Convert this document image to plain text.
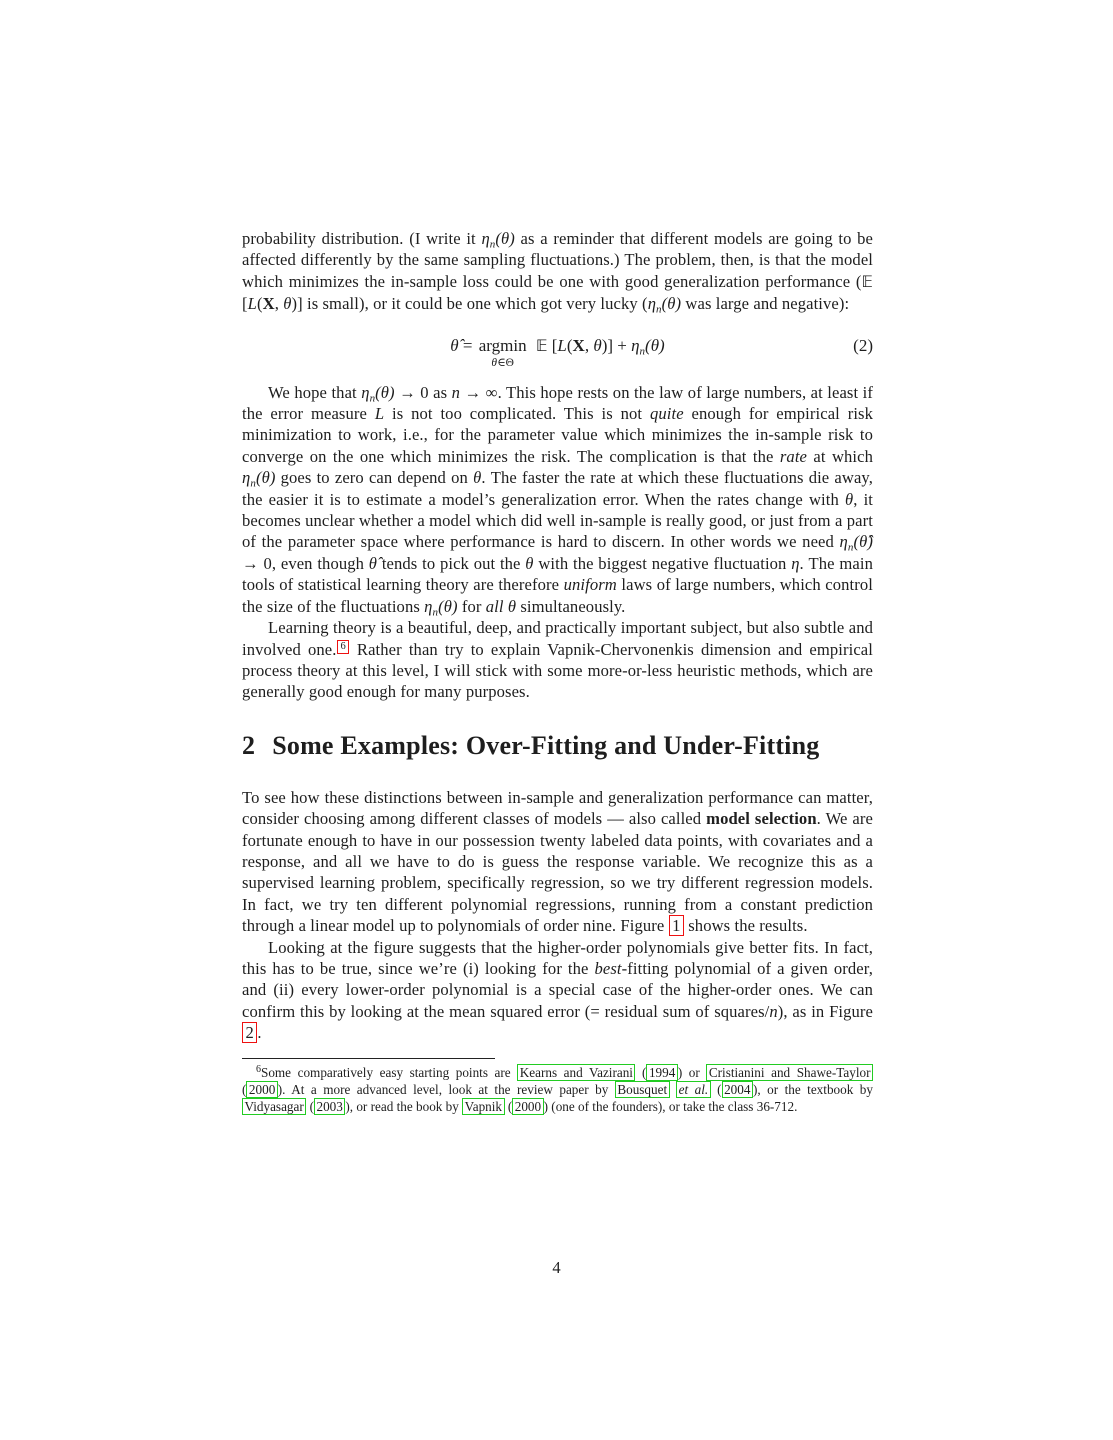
probability distribution. (I write it $\eta_n(\theta)$ as a reminder that different models are going to be affected differently by the same sampling fluctuations.) The problem, then, is that the model which minimizes the in-sample loss could be one with good generalization performance (𝔼 [L(X, θ)] is small), or it could be one which got very lucky ($\eta_n(\theta)$ was large and negative):

θ̂ = argmin
θ∈Θ
𝔼 [L(X, $\theta)] + \eta_n(\theta)$	(2)

We hope that $\eta_n(\theta) \to 0$ as n → ∞. This hope rests on the law of large numbers, at least if the error measure L is not too complicated. This is not quite enough for empirical risk minimization to work, i.e., for the parameter value which minimizes the in-sample risk to converge on the one which minimizes the risk. The complication is that the rate at which $\eta_n(\theta)$ goes to zero can depend on θ. The faster the rate at which these fluctuations die away, the easier it is to estimate a model’s generalization error. When the rates change with θ, it becomes unclear whether a model which did well in-sample is really good, or just from a part of the parameter space where performance is hard to discern. In other words we need $\eta_n(\thetâ) \to 0$, even though θ̂ tends to pick out the θ with the biggest negative fluctuation η. The main tools of statistical learning theory are therefore uniform laws of large numbers, which control the size of the fluctuations $\eta_n(\theta)$ for all θ simultaneously.

Learning theory is a beautiful, deep, and practically important subject, but also subtle and involved one. $^6$ Rather than try to explain Vapnik-Chervonenkis dimension and empirical process theory at this level, I will stick with some more-or-less heuristic methods, which are generally good enough for many purposes.

2 Some Examples: Over-Fitting and Under-Fitting

To see how these distinctions between in-sample and generalization performance can matter, consider choosing among different classes of models — also called model selection. We are fortunate enough to have in our possession twenty labeled data points, with covariates and a response, and all we have to do is guess the response variable. We recognize this as a supervised learning problem, specifically regression, so we try different regression models. In fact, we try ten different polynomial regressions, running from a constant prediction through a linear model up to polynomials of order nine. Figure 1 shows the results.

Looking at the figure suggests that the higher-order polynomials give better fits. In fact, this has to be true, since we’re (i) looking for the best-fitting polynomial of a given order, and (ii) every lower-order polynomial is a special case of the higher-order ones. We can confirm this by looking at the mean squared error (= residual sum of squares/n), as in Figure 2 .

$^6$Some comparatively easy starting points are Kearns and Vazirani ( 1994 ) or Cristianini and Shawe-Taylor ( 2000 ). At a more advanced level, look at the review paper by Bousquet et al. ( 2004 ), or the textbook by Vidyasagar ( 2003 ), or read the book by Vapnik ( 2000 ) (one of the founders), or take the class 36-712.

4
